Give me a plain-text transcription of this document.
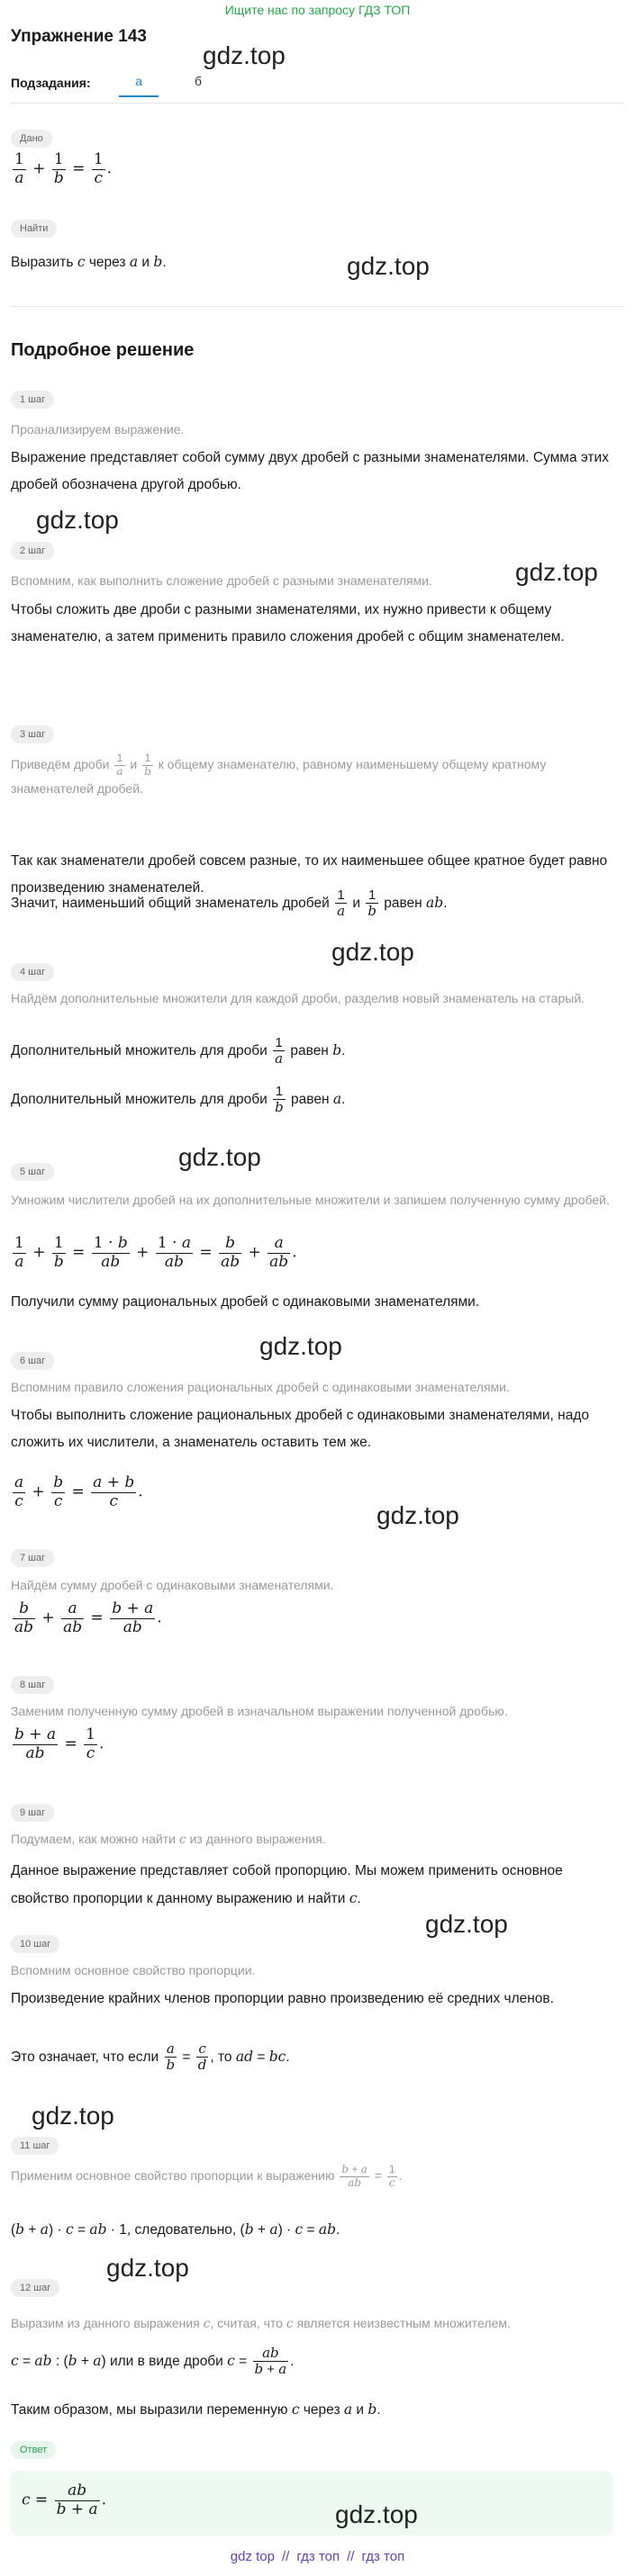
Ищите нас по запросу ГДЗ ТОП
Упражнение 143
Подзадания:	а	б
Дано
$\frac{1}{a} + \frac{1}{b} = \frac{1}{c}$ .
Найти
Выразить c через a и b.
Подробное решение
1 шаг
Проанализируем выражение.
Выражение представляет собой сумму двух дробей с разными знаменателями. Сумма этих дробей обозначена другой дробью.
2 шаг
Вспомним, как выполнить сложение дробей с разными знаменателями.
Чтобы сложить две дроби с разными знаменателями, их нужно привести к общему знаменателю, а затем применить правило сложения дробей с общим знаменателем.
3 шаг
Приведём дроби $\frac{1}{a}$ и $\frac{1}{b}$ к общему знаменателю, равному наименьшему общему кратному знаменателей дробей.
Так как знаменатели дробей совсем разные, то их наименьшее общее кратное будет равно произведению знаменателей.
Значит, наименьший общий знаменатель дробей $\frac{1}{a}$ и $\frac{1}{b}$ равен ab.
4 шаг
Найдём дополнительные множители для каждой дроби, разделив новый знаменатель на старый.
Дополнительный множитель для дроби $\frac{1}{a}$ равен b.
Дополнительный множитель для дроби $\frac{1}{b}$ равен a.
5 шаг
Умножим числители дробей на их дополнительные множители и запишем полученную сумму дробей.
$\frac{1}{a} + \frac{1}{b} = \frac{1 \cdot b}{ab} + \frac{1 \cdot a}{ab} = \frac{b}{ab} + \frac{a}{ab}$ .
Получили сумму рациональных дробей с одинаковыми знаменателями.
6 шаг
Вспомним правило сложения рациональных дробей с одинаковыми знаменателями.
Чтобы выполнить сложение рациональных дробей с одинаковыми знаменателями, надо сложить их числители, а знаменатель оставить тем же.
$\frac{a}{c} + \frac{b}{c} = \frac{a + b}{c}$ .
7 шаг
Найдём сумму дробей с одинаковыми знаменателями.
$\frac{b}{ab} + \frac{a}{ab} = \frac{b + a}{ab}$ .
8 шаг
Заменим полученную сумму дробей в изначальном выражении полученной дробью.
$\frac{b + a}{ab} = \frac{1}{c}$ .
9 шаг
Подумаем, как можно найти c из данного выражения.
Данное выражение представляет собой пропорцию. Мы можем применить основное свойство пропорции к данному выражению и найти c.
10 шаг
Вспомним основное свойство пропорции.
Произведение крайних членов пропорции равно произведению её средних членов.
Это означает, что если $\frac{a}{b} = \frac{c}{d}$ , то ad = bc.
11 шаг
Применим основное свойство пропорции к выражению $\frac{b + a}{ab} = \frac{1}{c}$ .
(b + a) · c = ab · 1, следовательно, (b + a) · c = ab.
12 шаг
Выразим из данного выражения c, считая, что c является неизвестным множителем.
c = ab : (b + a) или в виде дроби $c = \frac{ab}{b + a}$ .
Таким образом, мы выразили переменную c через a и b.
Ответ
$c = \frac{ab}{b + a}$ .
gdz.top
gdz.top
gdz.top
gdz.top
gdz.top
gdz.top
gdz.top
gdz.top
gdz.top
gdz.top
gdz.top
gdz.top
gdz top // гдз топ // гдз топ
